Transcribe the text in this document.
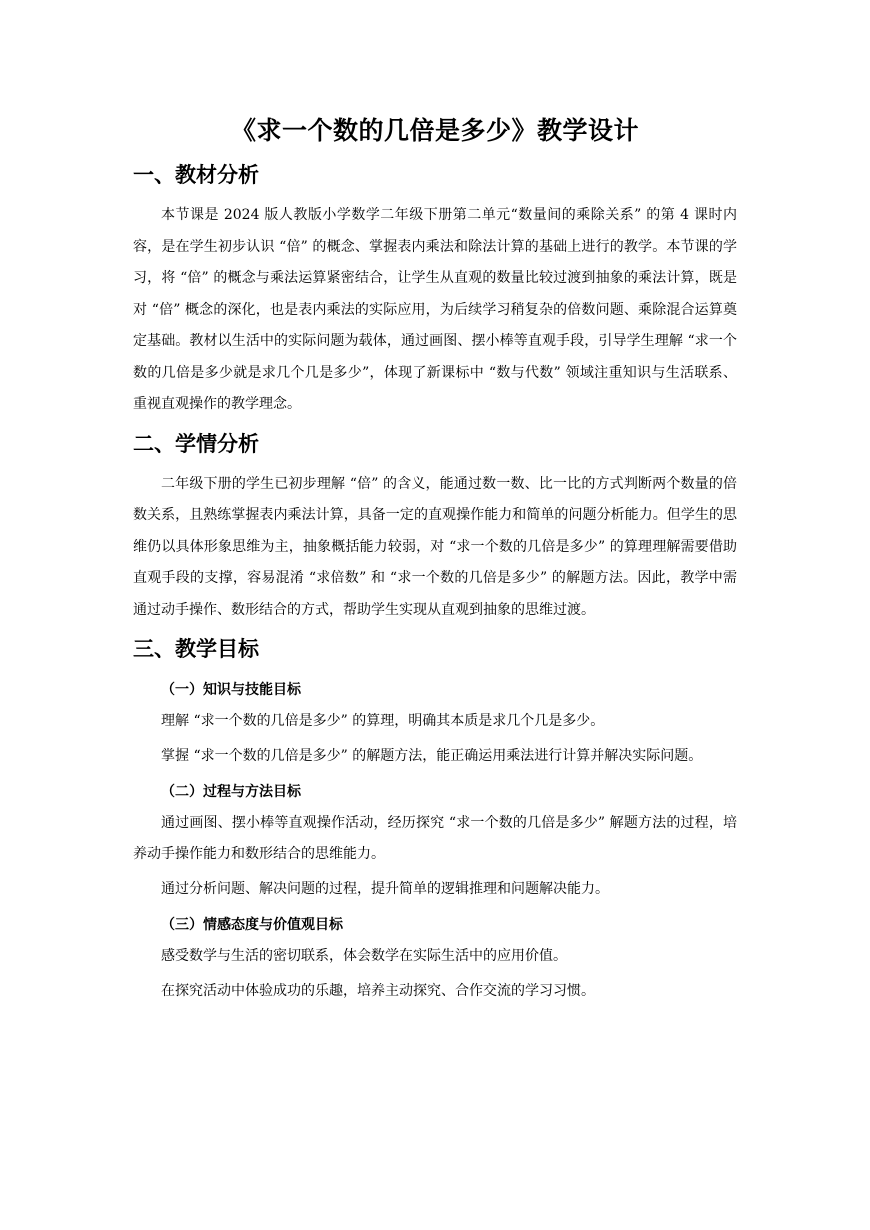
《求一个数的几倍是多少》教学设计
一、教材分析

本节课是 2024 版人教版小学数学二年级下册第二单元“数量间的乘除关系” 的第 4 课时内容，是在学生初步认识 “倍” 的概念、掌握表内乘法和除法计算的基础上进行的教学。本节课的学习，将 “倍” 的概念与乘法运算紧密结合，让学生从直观的数量比较过渡到抽象的乘法计算，既是对 “倍” 概念的深化，也是表内乘法的实际应用，为后续学习稍复杂的倍数问题、乘除混合运算奠定基础。教材以生活中的实际问题为载体，通过画图、摆小棒等直观手段，引导学生理解 “求一个数的几倍是多少就是求几个几是多少”，体现了新课标中 “数与代数” 领域注重知识与生活联系、重视直观操作的教学理念。

二、学情分析

二年级下册的学生已初步理解 “倍” 的含义，能通过数一数、比一比的方式判断两个数量的倍数关系，且熟练掌握表内乘法计算，具备一定的直观操作能力和简单的问题分析能力。但学生的思维仍以具体形象思维为主，抽象概括能力较弱，对 “求一个数的几倍是多少” 的算理理解需要借助直观手段的支撑，容易混淆 “求倍数” 和 “求一个数的几倍是多少” 的解题方法。因此，教学中需通过动手操作、数形结合的方式，帮助学生实现从直观到抽象的思维过渡。

三、教学目标
（一）知识与技能目标

理解 “求一个数的几倍是多少” 的算理，明确其本质是求几个几是多少。

掌握 “求一个数的几倍是多少” 的解题方法，能正确运用乘法进行计算并解决实际问题。

（二）过程与方法目标

通过画图、摆小棒等直观操作活动，经历探究 “求一个数的几倍是多少” 解题方法的过程，培养动手操作能力和数形结合的思维能力。

通过分析问题、解决问题的过程，提升简单的逻辑推理和问题解决能力。

（三）情感态度与价值观目标

感受数学与生活的密切联系，体会数学在实际生活中的应用价值。

在探究活动中体验成功的乐趣，培养主动探究、合作交流的学习习惯。
